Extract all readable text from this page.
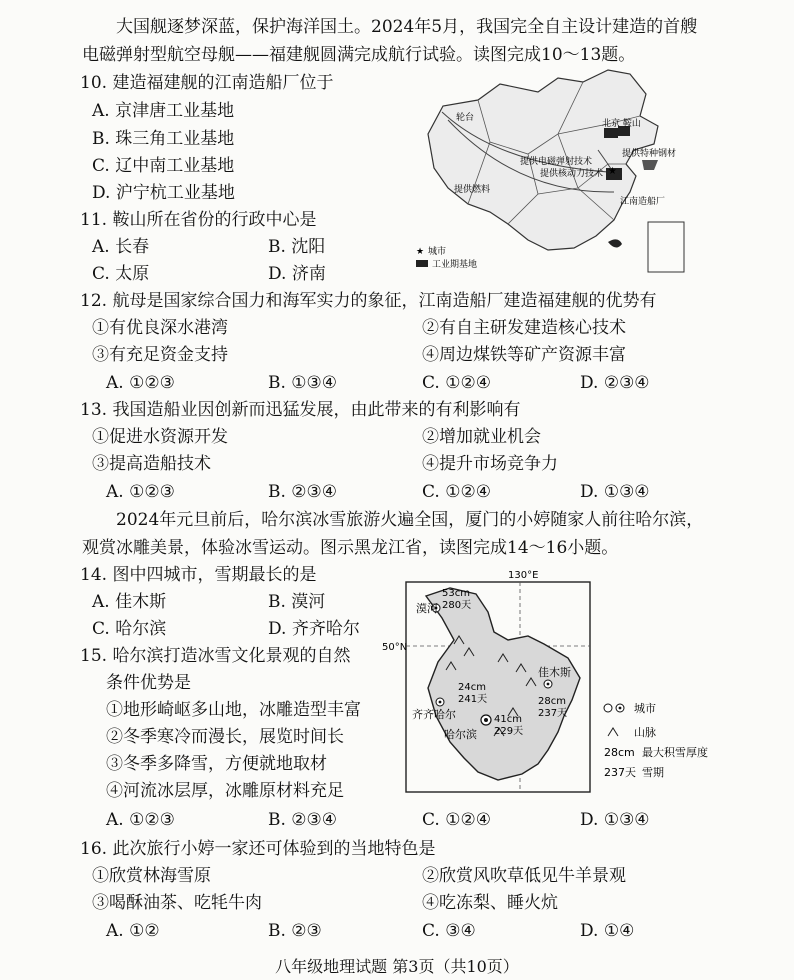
大国舰逐梦深蓝，保护海洋国土。2024年5月，我国完全自主设计建造的首艘
电磁弹射型航空母舰——福建舰圆满完成航行试验。读图完成10～13题。
10. 建造福建舰的江南造船厂位于
A. 京津唐工业基地
B. 珠三角工业基地
C. 辽中南工业基地
D. 沪宁杭工业基地
11. 鞍山所在省份的行政中心是
A. 长春	B. 沈阳
C. 太原	D. 济南
★
轮台
北京 鞍山
提供特种钢材
提供电磁弹射技术
提供核动力技术
提供燃料
江南造船厂
★ 城市
工业期基地
12. 航母是国家综合国力和海军实力的象征，江南造船厂建造福建舰的优势有
①有优良深水港湾	②有自主研发建造核心技术
③有充足资金支持	④周边煤铁等矿产资源丰富
A. ①②③	B. ①③④	C. ①②④	D. ②③④
13. 我国造船业因创新而迅猛发展，由此带来的有利影响有
①促进水资源开发	②增加就业机会
③提高造船技术	④提升市场竞争力
A. ①②③	B. ②③④	C. ①②④	D. ①③④
2024年元旦前后，哈尔滨冰雪旅游火遍全国，厦门的小婷随家人前往哈尔滨，
观赏冰雕美景，体验冰雪运动。图示黑龙江省，读图完成14～16小题。
14. 图中四城市，雪期最长的是
A. 佳木斯	B. 漠河
C. 哈尔滨	D. 齐齐哈尔
15. 哈尔滨打造冰雪文化景观的自然
条件优势是
①地形崎岖多山地，冰雕造型丰富
②冬季寒冷而漫长，展览时间长
③冬季多降雪，方便就地取材
④河流冰层厚，冰雕原材料充足
A. ①②③	B. ②③④	C. ①②④	D. ①③④
130°E
50°N
漠河
53cm
280天
24cm
241天
齐齐哈尔	41cm
229天
哈尔滨
佳木斯
28cm
237天	城市
山脉
28cm 最大积雪厚度
237天 雪期
16. 此次旅行小婷一家还可体验到的当地特色是
①欣赏林海雪原	②欣赏风吹草低见牛羊景观
③喝酥油茶、吃牦牛肉	④吃冻梨、睡火炕
A. ①②	B. ②③	C. ③④	D. ①④
八年级地理试题 第3页（共10页）
